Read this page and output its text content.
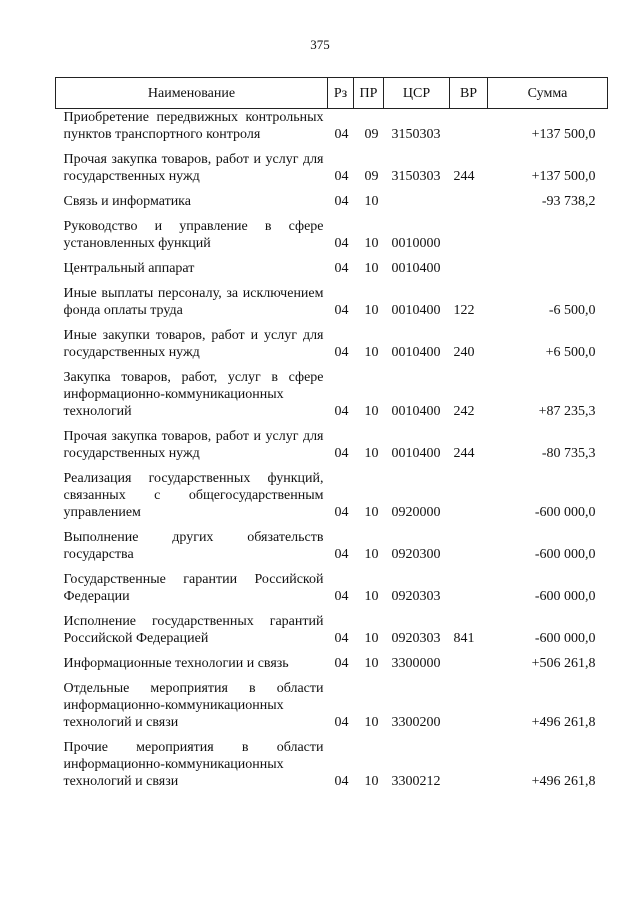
375
Наименование	Рз	ПР	ЦСР	ВР	Сумма
Приобретение передвижных контрольных пунктов транспортного контроля	04	09	3150303		+137 500,0
Прочая закупка товаров, работ и услуг для государственных нужд	04	09	3150303	244	+137 500,0
Связь и информатика	04	10			-93 738,2
Руководство и управление в сфере установленных функций	04	10	0010000		
Центральный аппарат	04	10	0010400		
Иные выплаты персоналу, за исключением фонда оплаты труда	04	10	0010400	122	-6 500,0
Иные закупки товаров, работ и услуг для государственных нужд	04	10	0010400	240	+6 500,0
Закупка товаров, работ, услуг в сфере информационно-коммуникационных технологий	04	10	0010400	242	+87 235,3
Прочая закупка товаров, работ и услуг для государственных нужд	04	10	0010400	244	-80 735,3
Реализация государственных функций, связанных с общегосударственным управлением	04	10	0920000		-600 000,0
Выполнение других обязательств государства	04	10	0920300		-600 000,0
Государственные гарантии Российской Федерации	04	10	0920303		-600 000,0
Исполнение государственных гарантий Российской Федерацией	04	10	0920303	841	-600 000,0
Информационные технологии и связь	04	10	3300000		+506 261,8
Отдельные мероприятия в области информационно-коммуникационных технологий и связи	04	10	3300200		+496 261,8
Прочие мероприятия в области информационно-коммуникационных технологий и связи	04	10	3300212		+496 261,8
